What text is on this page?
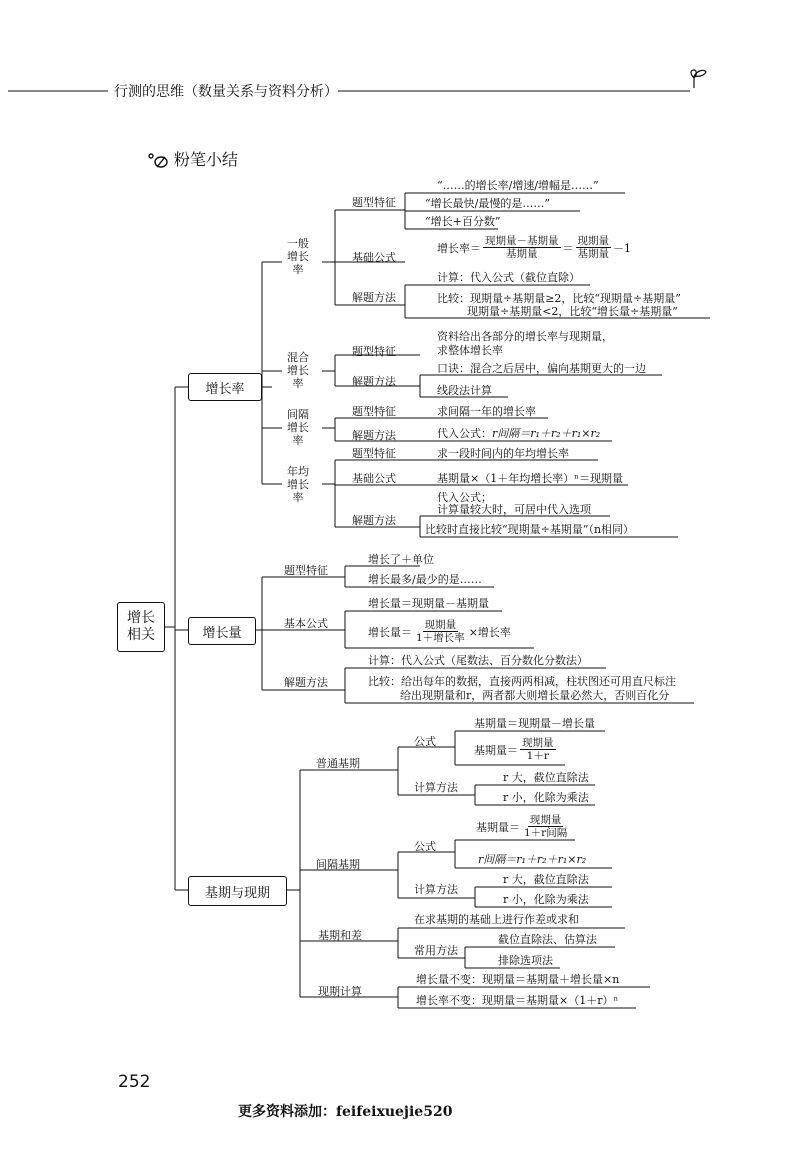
行测的思维（数量关系与资料分析）
粉笔小结
增长相关
增长率
增长量
基期与现期
一般增长率
题型特征
“……的增长率/增速/增幅是……”
“增长最快/最慢的是……”
“增长+百分数”
基础公式
增长率＝ $\frac{\text{现期量－基期量}}{\text{基期量}} = \frac{\text{现期量}}{\text{基期量}} -1$
解题方法
计算：代入公式（截位直除）
比较：现期量÷基期量≥2，比较“现期量÷基期量”
现期量÷基期量<2，比较“增长量÷基期量”
混合增长率
题型特征
资料给出各部分的增长率与现期量，
求整体增长率
解题方法
口诀：混合之后居中，偏向基期更大的一边
线段法计算
间隔增长率
题型特征	求间隔一年的增长率
解题方法	代入公式：r间隔＝r₁＋r₂＋r₁×r₂
年均增长率
题型特征	求一段时间内的年均增长率
基础公式	基期量×（1＋年均增长率）ⁿ＝现期量
解题方法
代入公式；
计算量较大时，可居中代入选项
比较时直接比较“现期量÷基期量”（n相同）
题型特征
增长了＋单位
增长最多/最少的是……
基本公式
增长量＝现期量－基期量
增长量＝ $\frac{\text{现期量}}{\text{1＋增长率}}$ ×增长率
解题方法
计算：代入公式（尾数法、百分数化分数法）
比较：给出每年的数据，直接两两相减，柱状图还可用直尺标注
给出现期量和r，两者都大则增长量必然大，否则百化分
普通基期
公式
基期量＝现期量－增长量
基期量＝ $\frac{\text{现期量}}{1+r}$
计算方法
r 大，截位直除法
r 小，化除为乘法
间隔基期
公式
基期量＝ $\frac{\text{现期量}}{\text{1＋r间隔}}$
r间隔＝r₁＋r₂＋r₁×r₂
计算方法
r 大，截位直除法
r 小，化除为乘法
基期和差
在求基期的基础上进行作差或求和
常用方法
截位直除法、估算法
排除选项法
现期计算
增长量不变：现期量＝基期量＋增长量×n
增长率不变：现期量＝基期量×（1＋r）ⁿ
252
更多资料添加：feifeixuejie520
